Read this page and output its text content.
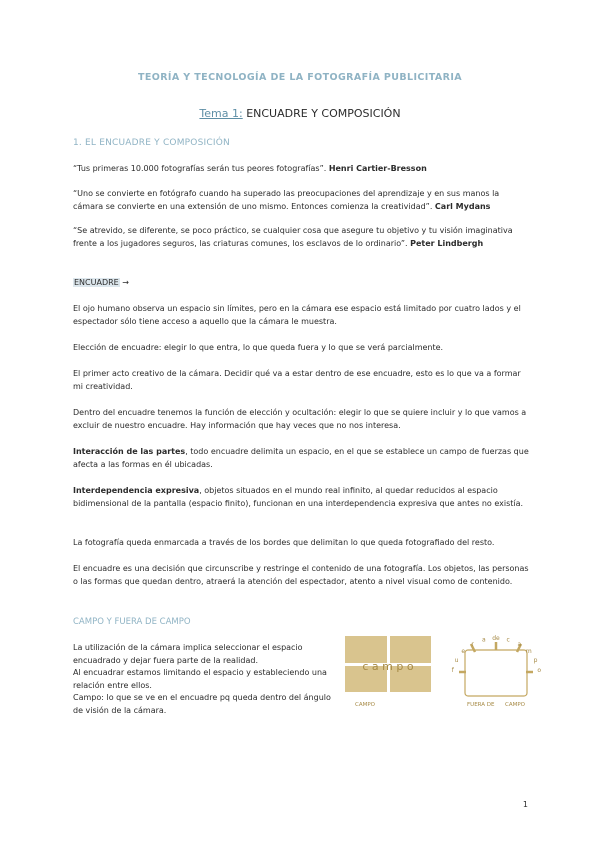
TEORÍA Y TECNOLOGÍA DE LA FOTOGRAFÍA PUBLICITARIA
Tema 1: ENCUADRE Y COMPOSICIÓN
1. EL ENCUADRE Y COMPOSICIÓN

“Tus primeras 10.000 fotografías serán tus peores fotografías”. Henri Cartier-Bresson

“Uno se convierte en fotógrafo cuando ha superado las preocupaciones del aprendizaje y en sus manos la cámara se convierte en una extensión de uno mismo. Entonces comienza la creatividad”. Carl Mydans

“Se atrevido, se diferente, se poco práctico, se cualquier cosa que asegure tu objetivo y tu visión imaginativa frente a los jugadores seguros, las criaturas comunes, los esclavos de lo ordinario”. Peter Lindbergh

ENCUADRE →

El ojo humano observa un espacio sin límites, pero en la cámara ese espacio está limitado por cuatro lados y el espectador sólo tiene acceso a aquello que la cámara le muestra.

Elección de encuadre: elegir lo que entra, lo que queda fuera y lo que se verá parcialmente.

El primer acto creativo de la cámara. Decidir qué va a estar dentro de ese encuadre, esto es lo que va a formar mi creatividad.

Dentro del encuadre tenemos la función de elección y ocultación: elegir lo que se quiere incluir y lo que vamos a excluir de nuestro encuadre. Hay información que hay veces que no nos interesa.

Interacción de las partes, todo encuadre delimita un espacio, en el que se establece un campo de fuerzas que afecta a las formas en él ubicadas.

Interdependencia expresiva, objetos situados en el mundo real infinito, al quedar reducidos al espacio bidimensional de la pantalla (espacio finito), funcionan en una interdependencia expresiva que antes no existía.

La fotografía queda enmarcada a través de los bordes que delimitan lo que queda fotografiado del resto.

El encuadre es una decisión que circunscribe y restringe el contenido de una fotografía. Los objetos, las personas o las formas que quedan dentro, atraerá la atención del espectador, atento a nivel visual como de contenido.

CAMPO Y FUERA DE CAMPO
La utilización de la cámara implica seleccionar el espacio encuadrado y dejar fuera parte de la realidad.
Al encuadrar estamos limitando el espacio y estableciendo una relación entre ellos.
Campo: lo que se ve en el encuadre pq queda dentro del ángulo de visión de la cámara.
c a m p o
CAMPO
f
u
e
r
a de c
a
m
p
o
FUERA DE CAMPO
1
